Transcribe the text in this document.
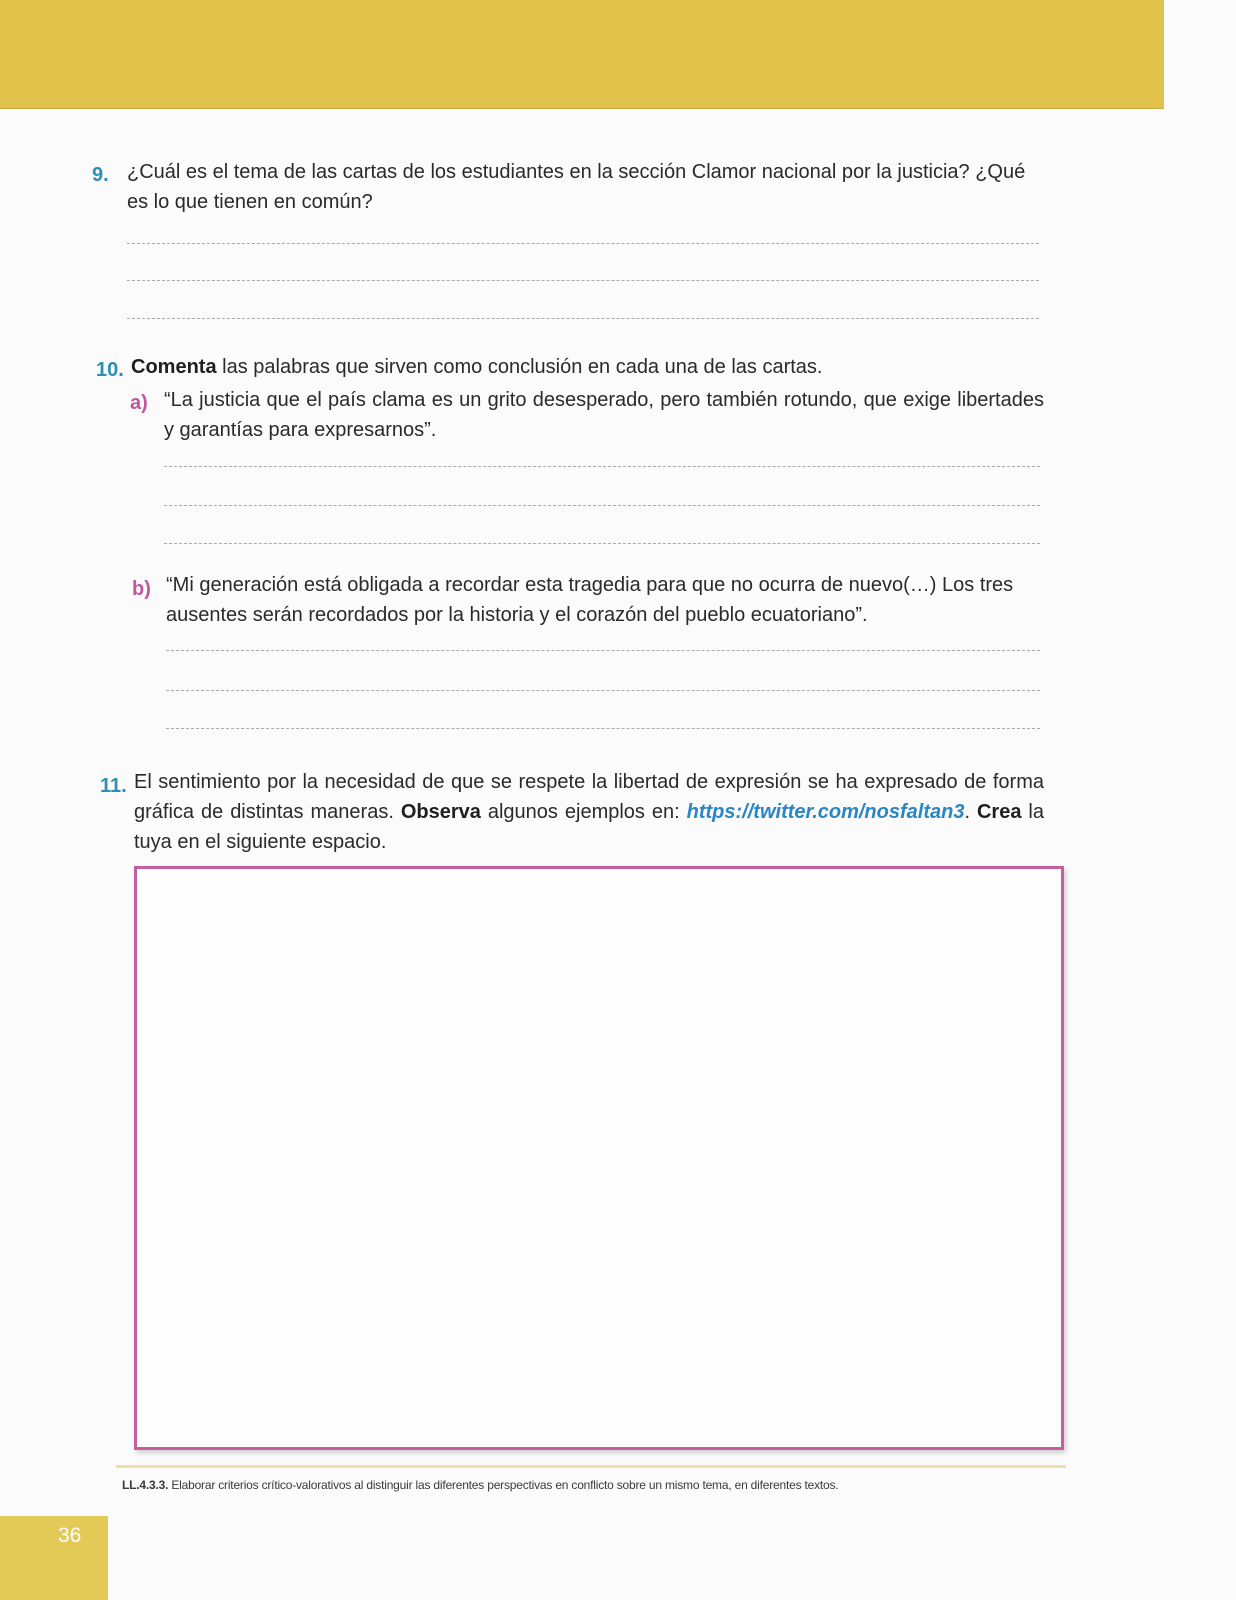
9. ¿Cuál es el tema de las cartas de los estudiantes en la sección Clamor nacional por la justicia? ¿Qué es lo que tienen en común?
10. Comenta las palabras que sirven como conclusión en cada una de las cartas.
a) “La justicia que el país clama es un grito desesperado, pero también rotundo, que exige libertades y garantías para expresarnos”.
b) “Mi generación está obligada a recordar esta tragedia para que no ocurra de nuevo(…) Los tres ausentes serán recordados por la historia y el corazón del pueblo ecuatoriano”.
11. El sentimiento por la necesidad de que se respete la libertad de expresión se ha expresado de forma gráfica de distintas maneras. Observa algunos ejemplos en: https://twitter.com/nosfaltan3. Crea la tuya en el siguiente espacio.
LL.4.3.3. Elaborar criterios crítico-valorativos al distinguir las diferentes perspectivas en conflicto sobre un mismo tema, en diferentes textos.
36
